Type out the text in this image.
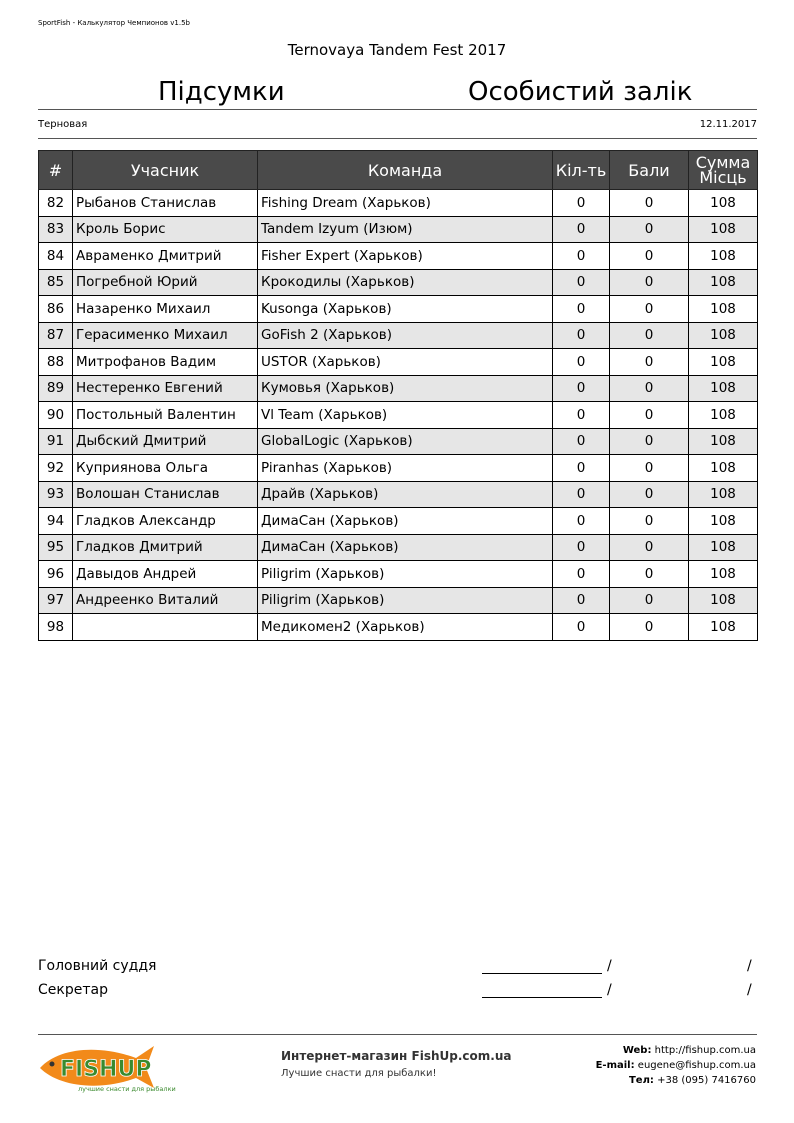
SportFish - Калькулятор Чемпионов v1.5b
Ternovaya Tandem Fest 2017
Підсумки	Особистий залік
Терновая	12.11.2017
#	Учасник	Команда	Кіл-ть	Бали	Сумма
Місць
82	Рыбанов Станислав	Fishing Dream (Харьков)	0	0	108
83	Кроль Борис	Tandem Izyum (Изюм)	0	0	108
84	Авраменко Дмитрий	Fisher Expert (Харьков)	0	0	108
85	Погребной Юрий	Крокодилы (Харьков)	0	0	108
86	Назаренко Михаил	Kusonga (Харьков)	0	0	108
87	Герасименко Михаил	GoFish 2 (Харьков)	0	0	108
88	Митрофанов Вадим	USTOR (Харьков)	0	0	108
89	Нестеренко Евгений	Кумовья (Харьков)	0	0	108
90	Постольный Валентин	Vl Team (Харьков)	0	0	108
91	Дыбский Дмитрий	GlobalLogic (Харьков)	0	0	108
92	Куприянова Ольга	Piranhas (Харьков)	0	0	108
93	Волошан Станислав	Драйв (Харьков)	0	0	108
94	Гладков Александр	ДимаСан (Харьков)	0	0	108
95	Гладков Дмитрий	ДимаСан (Харьков)	0	0	108
96	Давыдов Андрей	Piligrim (Харьков)	0	0	108
97	Андреенко Виталий	Piligrim (Харьков)	0	0	108
98		Медикомен2 (Харьков)	0	0	108
Головний суддя	/	/
Секретар	/	/
FISHUP
лучшие снасти для рыбалки
Интернет-магазин FishUp.com.ua
Лучшие снасти для рыбалки!
Web: http://fishup.com.ua
E-mail: eugene@fishup.com.ua
Тел: +38 (095) 7416760
